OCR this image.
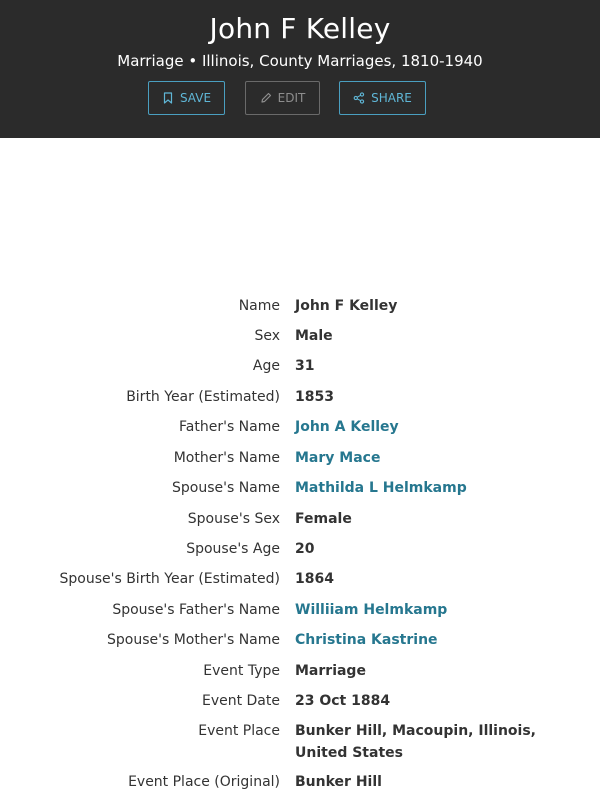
John F Kelley
Marriage • Illinois, County Marriages, 1810-1940
SAVE	EDIT	SHARE
Name John F Kelley
Sex Male
Age 31
Birth Year (Estimated) 1853
Father's Name John A Kelley
Mother's Name Mary Mace
Spouse's Name Mathilda L Helmkamp
Spouse's Sex Female
Spouse's Age 20
Spouse's Birth Year (Estimated) 1864
Spouse's Father's Name Williiam Helmkamp
Spouse's Mother's Name Christina Kastrine
Event Type Marriage
Event Date 23 Oct 1884
Event Place Bunker Hill, Macoupin, Illinois, United States
Event Place (Original) Bunker Hill
